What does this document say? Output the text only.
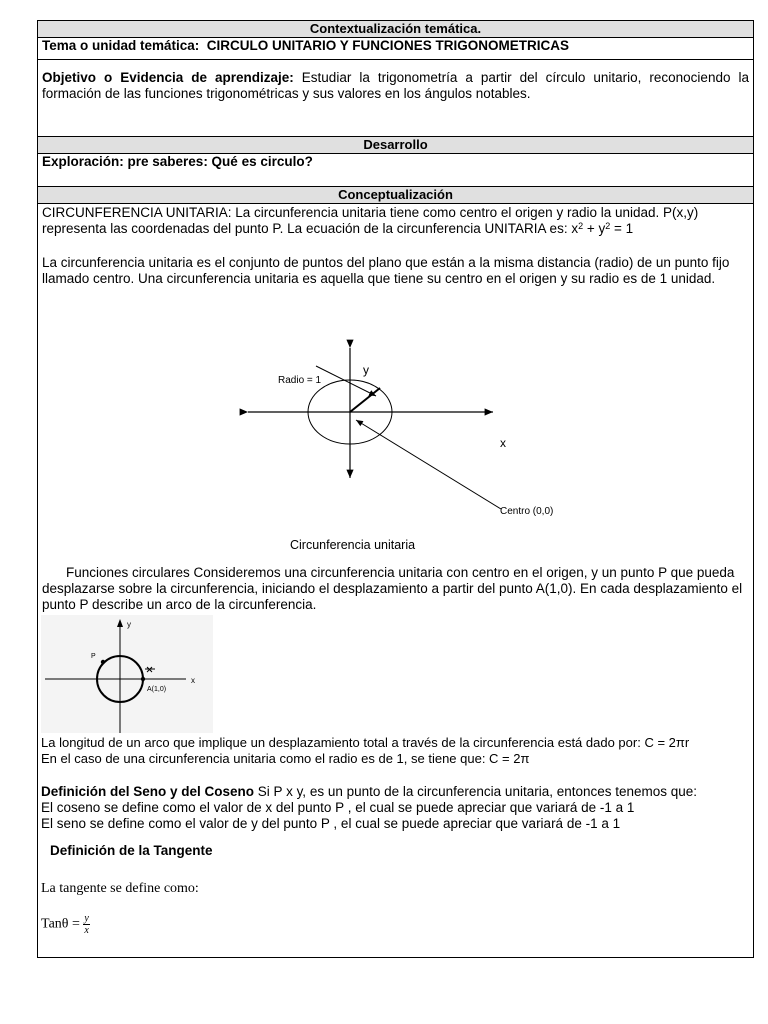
Contextualización temática.
Tema o unidad temática: CIRCULO UNITARIO Y FUNCIONES TRIGONOMETRICAS
Objetivo o Evidencia de aprendizaje: Estudiar la trigonometría a partir del círculo unitario, reconociendo la formación de las funciones trigonométricas y sus valores en los ángulos notables.
Desarrollo
Exploración: pre saberes: Qué es circulo?
Conceptualización
CIRCUNFERENCIA UNITARIA: La circunferencia unitaria tiene como centro el origen y radio la unidad. P(x,y) representa las coordenadas del punto P. La ecuación de la circunferencia UNITARIA es: $x^2 + y^2 = 1$
La circunferencia unitaria es el conjunto de puntos del plano que están a la misma distancia (radio) de un punto fijo llamado centro. Una circunferencia unitaria es aquella que tiene su centro en el origen y su radio es de 1 unidad.
Radio = 1
y
x
Centro (0,0)
Circunferencia unitaria
Funciones circulares Consideremos una circunferencia unitaria con centro en el origen, y un punto P que pueda desplazarse sobre la circunferencia, iniciando el desplazamiento a partir del punto A(1,0). En cada desplazamiento el punto P describe un arco de la circunferencia.
y
x
P
A(1,0)
La longitud de un arco que implique un desplazamiento total a través de la circunferencia está dado por: C = 2πr
En el caso de una circunferencia unitaria como el radio es de 1, se tiene que: C = 2π
Definición del Seno y del Coseno Si P x y, es un punto de la circunferencia unitaria, entonces tenemos que:
El coseno se define como el valor de x del punto P , el cual se puede apreciar que variará de -1 a 1
El seno se define como el valor de y del punto P , el cual se puede apreciar que variará de -1 a 1
Definición de la Tangente
La tangente se define como:
$Tan\theta = \frac{y}{x}$
